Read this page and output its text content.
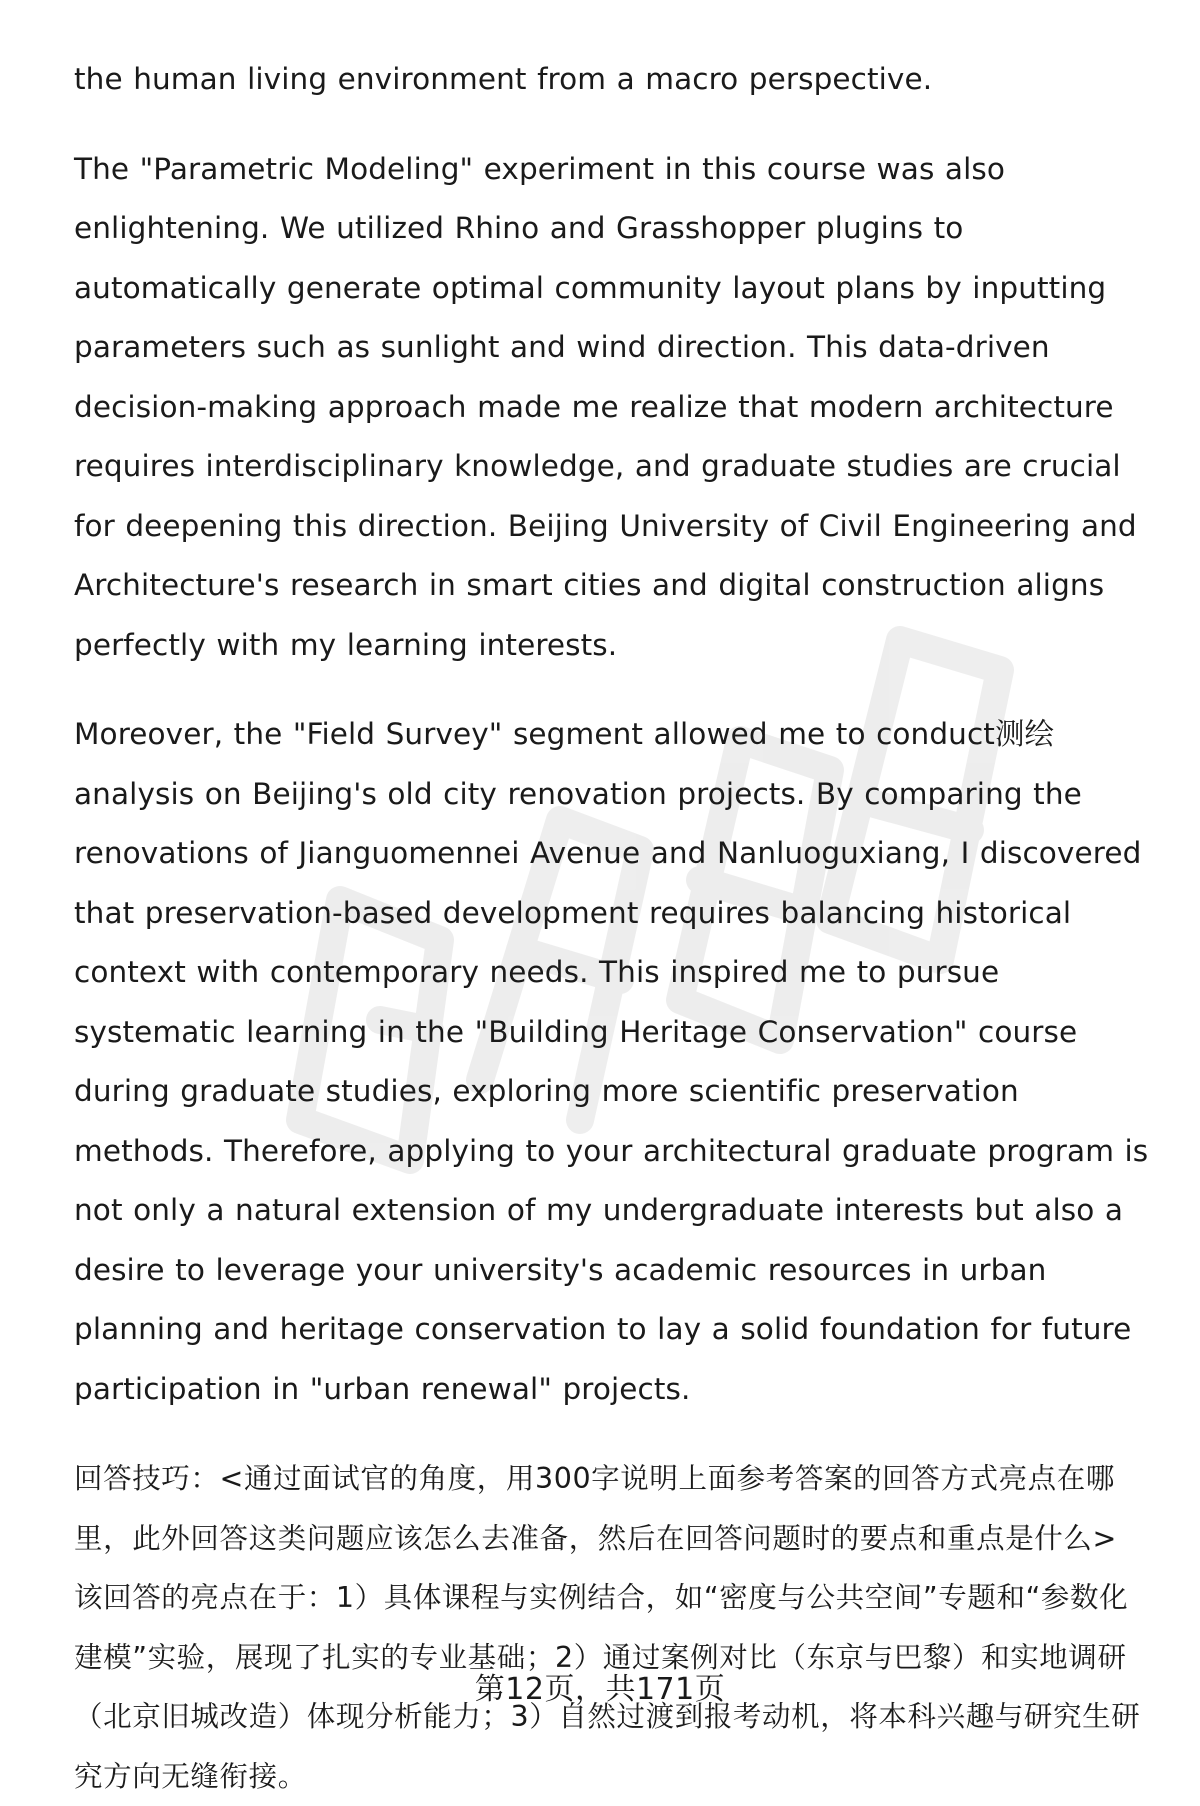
the human living environment from a macro perspective.

The "Parametric Modeling" experiment in this course was also enlightening. We utilized Rhino and Grasshopper plugins to automatically generate optimal community layout plans by inputting parameters such as sunlight and wind direction. This data-driven decision-making approach made me realize that modern architecture requires interdisciplinary knowledge, and graduate studies are crucial for deepening this direction. Beijing University of Civil Engineering and Architecture's research in smart cities and digital construction aligns perfectly with my learning interests.

Moreover, the "Field Survey" segment allowed me to conduct测绘 analysis on Beijing's old city renovation projects. By comparing the renovations of Jianguomennei Avenue and Nanluoguxiang, I discovered that preservation-based development requires balancing historical context with contemporary needs. This inspired me to pursue systematic learning in the "Building Heritage Conservation" course during graduate studies, exploring more scientific preservation methods. Therefore, applying to your architectural graduate program is not only a natural extension of my undergraduate interests but also a desire to leverage your university's academic resources in urban planning and heritage conservation to lay a solid foundation for future participation in "urban renewal" projects.

回答技巧：<通过面试官的角度，用300字说明上面参考答案的回答方式亮点在哪里，此外回答这类问题应该怎么去准备，然后在回答问题时的要点和重点是什么>

该回答的亮点在于：1）具体课程与实例结合，如“密度与公共空间”专题和“参数化建模”实验，展现了扎实的专业基础；2）通过案例对比（东京与巴黎）和实地调研（北京旧城改造）体现分析能力；3）自然过渡到报考动机，将本科兴趣与研究生研究方向无缝衔接。

第12页，共171页
